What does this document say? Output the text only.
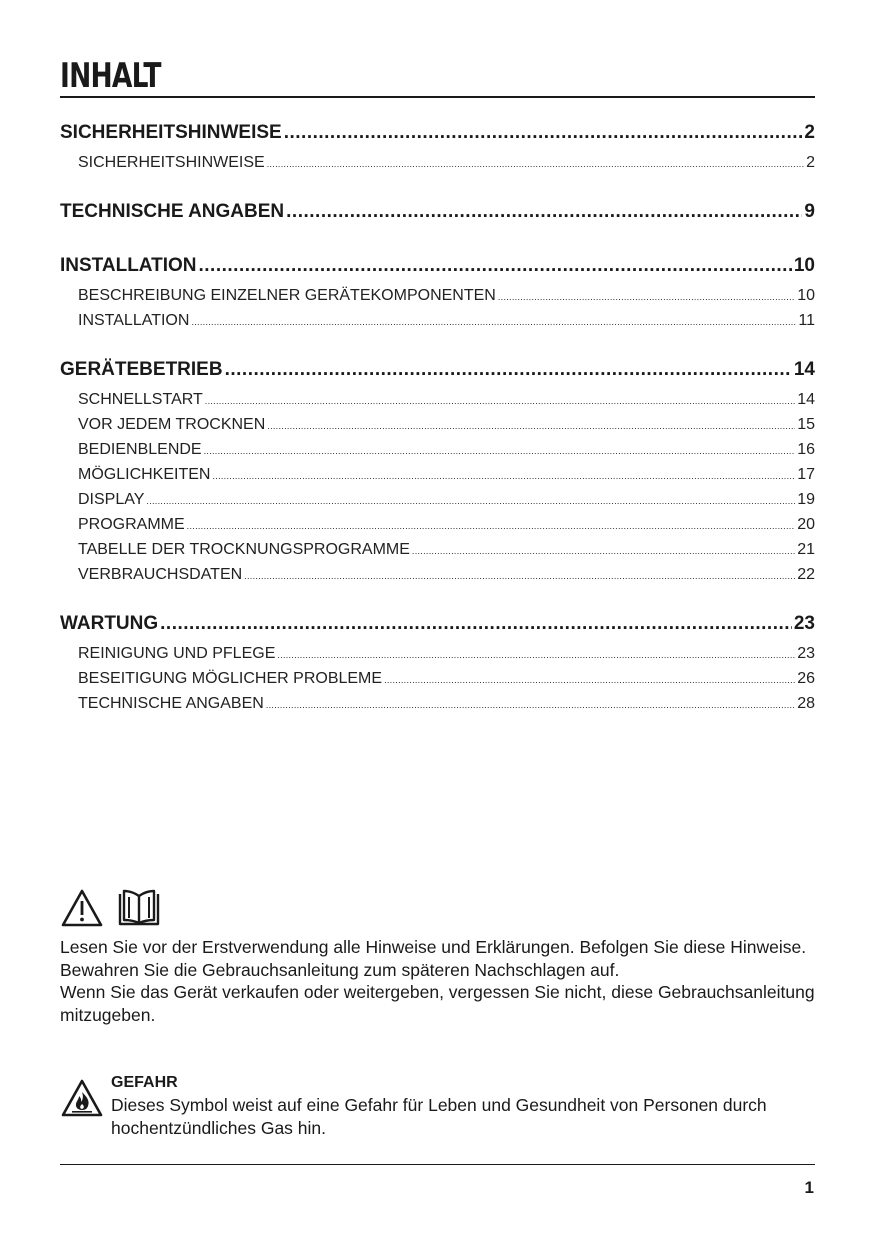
INHALT
SICHERHEITSHINWEISE .....	2
SICHERHEITSHINWEISE .....	2
TECHNISCHE ANGABEN .....	9
INSTALLATION .....	10
BESCHREIBUNG EINZELNER GERÄTEKOMPONENTEN .....	10
INSTALLATION .....	11
GERÄTEBETRIEB .....	14
SCHNELLSTART .....	14
VOR JEDEM TROCKNEN .....	15
BEDIENBLENDE .....	16
MÖGLICHKEITEN .....	17
DISPLAY .....	19
PROGRAMME .....	20
TABELLE DER TROCKNUNGSPROGRAMME .....	21
VERBRAUCHSDATEN .....	22
WARTUNG .....	23
REINIGUNG UND PFLEGE .....	23
BESEITIGUNG MÖGLICHER PROBLEME .....	26
TECHNISCHE ANGABEN .....	28

Lesen Sie vor der Erstverwendung alle Hinweise und Erklärungen. Befolgen Sie diese Hinweise.

Bewahren Sie die Gebrauchsanleitung zum späteren Nachschlagen auf.

Wenn Sie das Gerät verkaufen oder weitergeben, vergessen Sie nicht, diese Gebrauchsanleitung mitzugeben.

GEFAHR
Dieses Symbol weist auf eine Gefahr für Leben und Gesundheit von Personen durch hochentzündliches Gas hin.
1
